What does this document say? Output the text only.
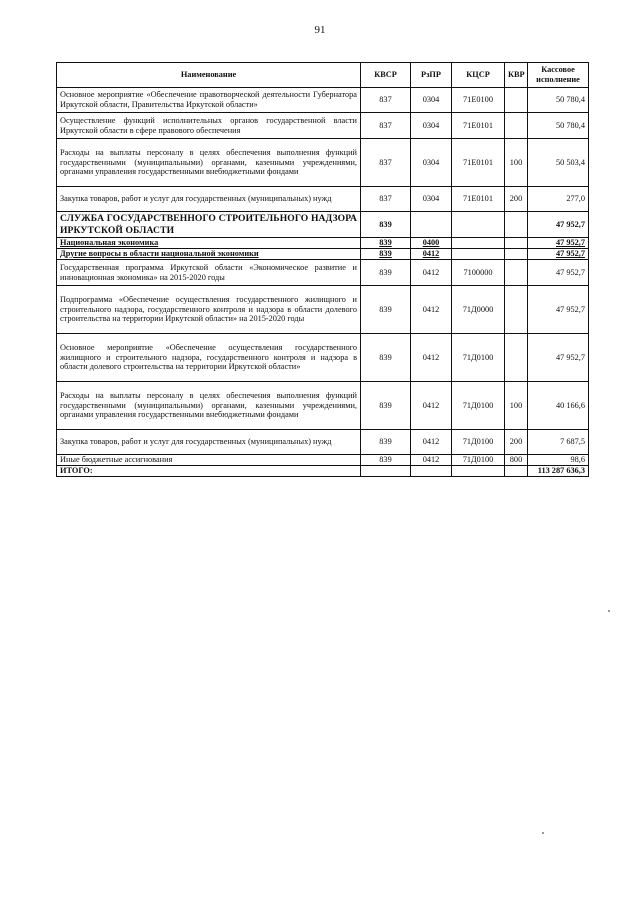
91
Наименование	КВСР	РзПР	КЦСР	КВР	Кассовое исполнение
Основное мероприятие «Обеспечение правотворческой деятельности Губернатора Иркутской области, Правительства Иркутской области»	837	0304	71Е0100		50 780,4
Осуществление функций исполнительных органов государственной власти Иркутской области в сфере правового обеспечения	837	0304	71Е0101		50 780,4
Расходы на выплаты персоналу в целях обеспечения выполнения функций государственными (муниципальными) органами, казенными учреждениями, органами управления государственными внебюджетными фондами	837	0304	71Е0101	100	50 503,4
Закупка товаров, работ и услуг для государственных (муниципальных) нужд	837	0304	71Е0101	200	277,0
СЛУЖБА ГОСУДАРСТВЕННОГО СТРОИТЕЛЬНОГО НАДЗОРА ИРКУТСКОЙ ОБЛАСТИ	839				47 952,7
Национальная экономика	839	0400			47 952,7
Другие вопросы в области национальной экономики	839	0412			47 952,7
Государственная программа Иркутской области «Экономическое развитие и инновационная экономика» на 2015-2020 годы	839	0412	7100000		47 952,7
Подпрограмма «Обеспечение осуществления государственного жилищного и строительного надзора, государственного контроля и надзора в области долевого строительства на территории Иркутской области» на 2015-2020 годы	839	0412	71Д0000		47 952,7
Основное мероприятие «Обеспечение осуществления государственного жилищного и строительного надзора, государственного контроля и надзора в области долевого строительства на территории Иркутской области»	839	0412	71Д0100		47 952,7
Расходы на выплаты персоналу в целях обеспечения выполнения функций государственными (муниципальными) органами, казенными учреждениями, органами управления государственными внебюджетными фондами	839	0412	71Д0100	100	40 166,6
Закупка товаров, работ и услуг для государственных (муниципальных) нужд	839	0412	71Д0100	200	7 687,5
Иные бюджетные ассигнования	839	0412	71Д0100	800	98,6
ИТОГО:					113 287 636,3
